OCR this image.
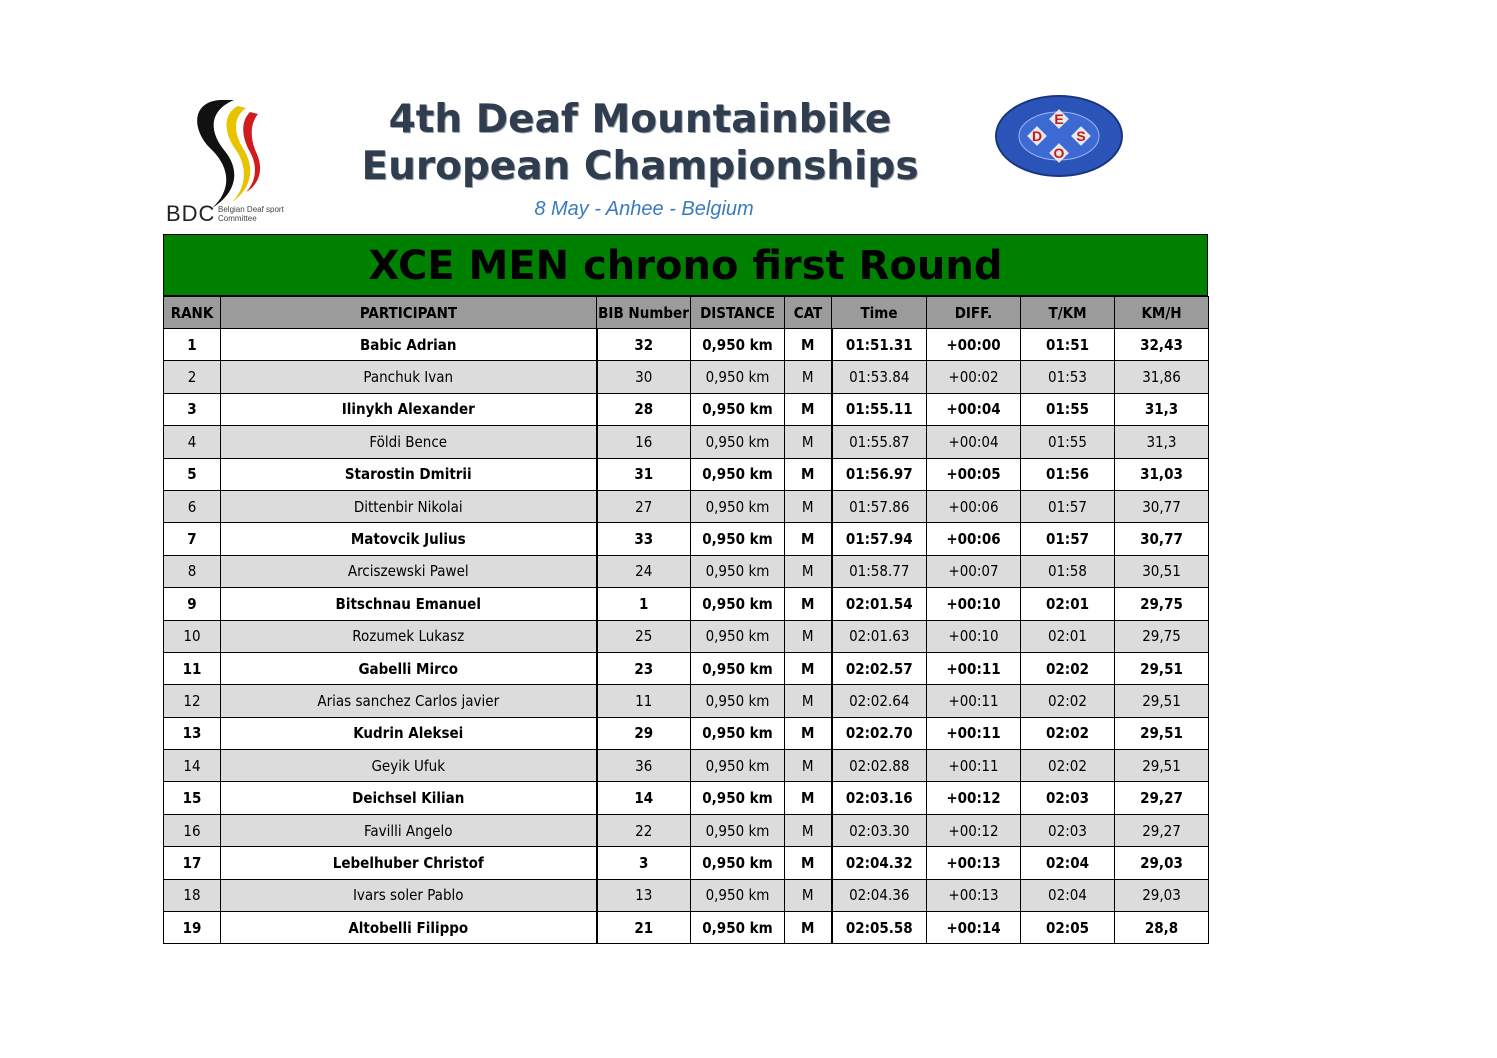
BDC Belgian Deaf sport Committee
4th Deaf Mountainbike
European Championships
8 May - Anhee - Belgium
E
D S
O
XCE MEN chrono first Round
RANK	PARTICIPANT	BIB Number	DISTANCE	CAT	Time	DIFF.	T/KM	KM/H
1	Babic Adrian	32	0,950 km	M	01:51.31	+00:00	01:51	32,43
2	Panchuk Ivan	30	0,950 km	M	01:53.84	+00:02	01:53	31,86
3	Ilinykh Alexander	28	0,950 km	M	01:55.11	+00:04	01:55	31,3
4	Földi Bence	16	0,950 km	M	01:55.87	+00:04	01:55	31,3
5	Starostin Dmitrii	31	0,950 km	M	01:56.97	+00:05	01:56	31,03
6	Dittenbir Nikolai	27	0,950 km	M	01:57.86	+00:06	01:57	30,77
7	Matovcik Julius	33	0,950 km	M	01:57.94	+00:06	01:57	30,77
8	Arciszewski Pawel	24	0,950 km	M	01:58.77	+00:07	01:58	30,51
9	Bitschnau Emanuel	1	0,950 km	M	02:01.54	+00:10	02:01	29,75
10	Rozumek Lukasz	25	0,950 km	M	02:01.63	+00:10	02:01	29,75
11	Gabelli Mirco	23	0,950 km	M	02:02.57	+00:11	02:02	29,51
12	Arias sanchez Carlos javier	11	0,950 km	M	02:02.64	+00:11	02:02	29,51
13	Kudrin Aleksei	29	0,950 km	M	02:02.70	+00:11	02:02	29,51
14	Geyik Ufuk	36	0,950 km	M	02:02.88	+00:11	02:02	29,51
15	Deichsel Kilian	14	0,950 km	M	02:03.16	+00:12	02:03	29,27
16	Favilli Angelo	22	0,950 km	M	02:03.30	+00:12	02:03	29,27
17	Lebelhuber Christof	3	0,950 km	M	02:04.32	+00:13	02:04	29,03
18	Ivars soler Pablo	13	0,950 km	M	02:04.36	+00:13	02:04	29,03
19	Altobelli Filippo	21	0,950 km	M	02:05.58	+00:14	02:05	28,8
